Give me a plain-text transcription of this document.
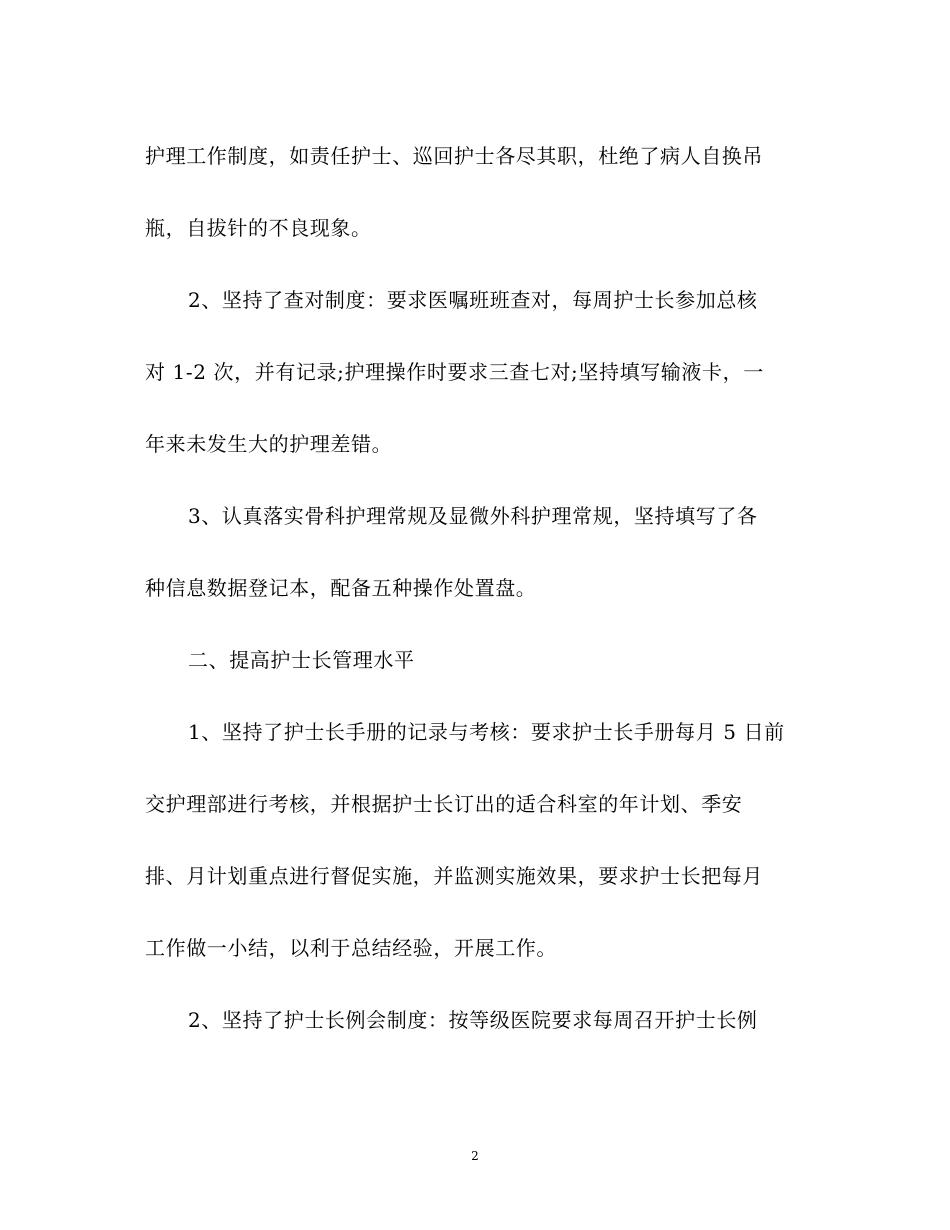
护理工作制度，如责任护士、巡回护士各尽其职，杜绝了病人自换吊
瓶，自拔针的不良现象。
2、坚持了查对制度：要求医嘱班班查对，每周护士长参加总核
对 1-2 次，并有记录;护理操作时要求三查七对;坚持填写输液卡，一
年来未发生大的护理差错。
3、认真落实骨科护理常规及显微外科护理常规，坚持填写了各
种信息数据登记本，配备五种操作处置盘。
二、提高护士长管理水平
1、坚持了护士长手册的记录与考核：要求护士长手册每月 5 日前
交护理部进行考核，并根据护士长订出的适合科室的年计划、季安
排、月计划重点进行督促实施，并监测实施效果，要求护士长把每月
工作做一小结，以利于总结经验，开展工作。
2、坚持了护士长例会制度：按等级医院要求每周召开护士长例
2
